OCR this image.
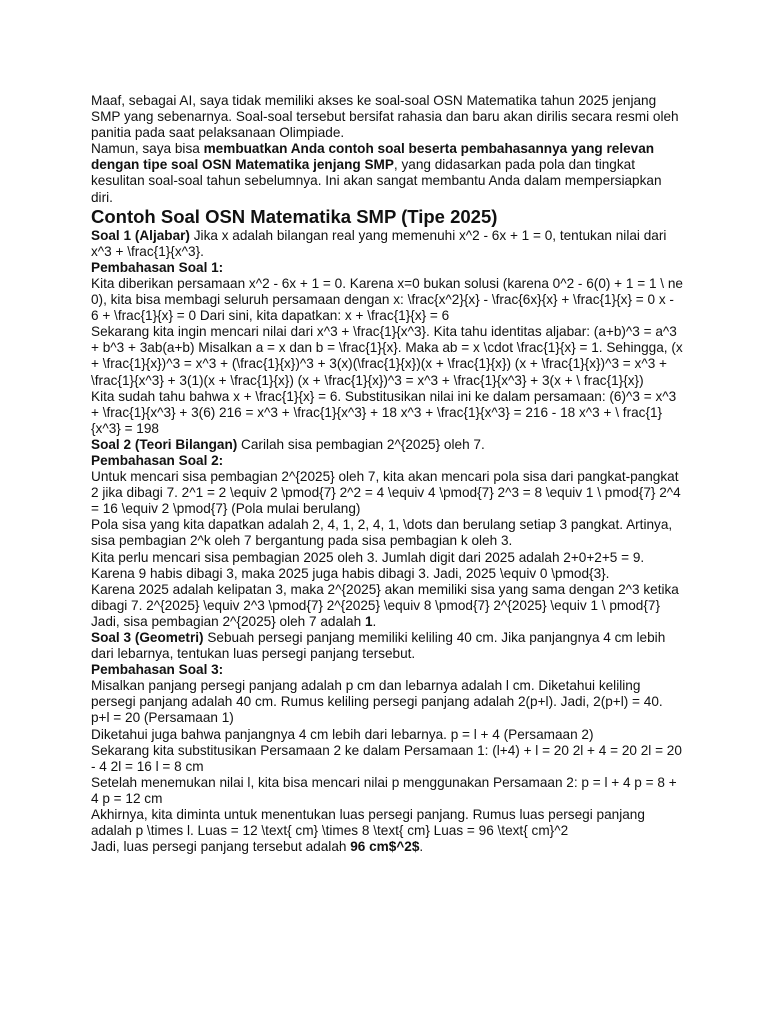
Maaf, sebagai AI, saya tidak memiliki akses ke soal-soal OSN Matematika tahun 2025 jenjang SMP yang sebenarnya. Soal-soal tersebut bersifat rahasia dan baru akan dirilis secara resmi oleh panitia pada saat pelaksanaan Olimpiade.

Namun, saya bisa membuatkan Anda contoh soal beserta pembahasannya yang relevan dengan tipe soal OSN Matematika jenjang SMP, yang didasarkan pada pola dan tingkat kesulitan soal-soal tahun sebelumnya. Ini akan sangat membantu Anda dalam mempersiapkan diri.

Contoh Soal OSN Matematika SMP (Tipe 2025)

Soal 1 (Aljabar) Jika x adalah bilangan real yang memenuhi x^2 - 6x + 1 = 0, tentukan nilai dari x^3 + \frac{1}{x^3}.

Pembahasan Soal 1:

Kita diberikan persamaan x^2 - 6x + 1 = 0. Karena x=0 bukan solusi (karena 0^2 - 6(0) + 1 = 1 \ ne 0), kita bisa membagi seluruh persamaan dengan x: \frac{x^2}{x} - \frac{6x}{x} + \frac{1}{x} = 0 x - 6 + \frac{1}{x} = 0 Dari sini, kita dapatkan: x + \frac{1}{x} = 6

Sekarang kita ingin mencari nilai dari x^3 + \frac{1}{x^3}. Kita tahu identitas aljabar: (a+b)^3 = a^3 + b^3 + 3ab(a+b) Misalkan a = x dan b = \frac{1}{x}. Maka ab = x \cdot \frac{1}{x} = 1. Sehingga, (x + \frac{1}{x})^3 = x^3 + (\frac{1}{x})^3 + 3(x)(\frac{1}{x})(x + \frac{1}{x}) (x + \frac{1}{x})^3 = x^3 + \frac{1}{x^3} + 3(1)(x + \frac{1}{x}) (x + \frac{1}{x})^3 = x^3 + \frac{1}{x^3} + 3(x + \ frac{1}{x})

Kita sudah tahu bahwa x + \frac{1}{x} = 6. Substitusikan nilai ini ke dalam persamaan: (6)^3 = x^3 + \frac{1}{x^3} + 3(6) 216 = x^3 + \frac{1}{x^3} + 18 x^3 + \frac{1}{x^3} = 216 - 18 x^3 + \ frac{1}{x^3} = 198

Soal 2 (Teori Bilangan) Carilah sisa pembagian 2^{2025} oleh 7.

Pembahasan Soal 2:

Untuk mencari sisa pembagian 2^{2025} oleh 7, kita akan mencari pola sisa dari pangkat-pangkat 2 jika dibagi 7. 2^1 = 2 \equiv 2 \pmod{7} 2^2 = 4 \equiv 4 \pmod{7} 2^3 = 8 \equiv 1 \ pmod{7} 2^4 = 16 \equiv 2 \pmod{7} (Pola mulai berulang)

Pola sisa yang kita dapatkan adalah 2, 4, 1, 2, 4, 1, \dots dan berulang setiap 3 pangkat. Artinya, sisa pembagian 2^k oleh 7 bergantung pada sisa pembagian k oleh 3.

Kita perlu mencari sisa pembagian 2025 oleh 3. Jumlah digit dari 2025 adalah 2+0+2+5 = 9. Karena 9 habis dibagi 3, maka 2025 juga habis dibagi 3. Jadi, 2025 \equiv 0 \pmod{3}.

Karena 2025 adalah kelipatan 3, maka 2^{2025} akan memiliki sisa yang sama dengan 2^3 ketika dibagi 7. 2^{2025} \equiv 2^3 \pmod{7} 2^{2025} \equiv 8 \pmod{7} 2^{2025} \equiv 1 \ pmod{7}

Jadi, sisa pembagian 2^{2025} oleh 7 adalah 1.

Soal 3 (Geometri) Sebuah persegi panjang memiliki keliling 40 cm. Jika panjangnya 4 cm lebih dari lebarnya, tentukan luas persegi panjang tersebut.

Pembahasan Soal 3:

Misalkan panjang persegi panjang adalah p cm dan lebarnya adalah l cm. Diketahui keliling persegi panjang adalah 40 cm. Rumus keliling persegi panjang adalah 2(p+l). Jadi, 2(p+l) = 40. p+l = 20 (Persamaan 1)

Diketahui juga bahwa panjangnya 4 cm lebih dari lebarnya. p = l + 4 (Persamaan 2)

Sekarang kita substitusikan Persamaan 2 ke dalam Persamaan 1: (l+4) + l = 20 2l + 4 = 20 2l = 20 - 4 2l = 16 l = 8 cm

Setelah menemukan nilai l, kita bisa mencari nilai p menggunakan Persamaan 2: p = l + 4 p = 8 + 4 p = 12 cm

Akhirnya, kita diminta untuk menentukan luas persegi panjang. Rumus luas persegi panjang adalah p \times l. Luas = 12 \text{ cm} \times 8 \text{ cm} Luas = 96 \text{ cm}^2

Jadi, luas persegi panjang tersebut adalah 96 cm$^2$.
